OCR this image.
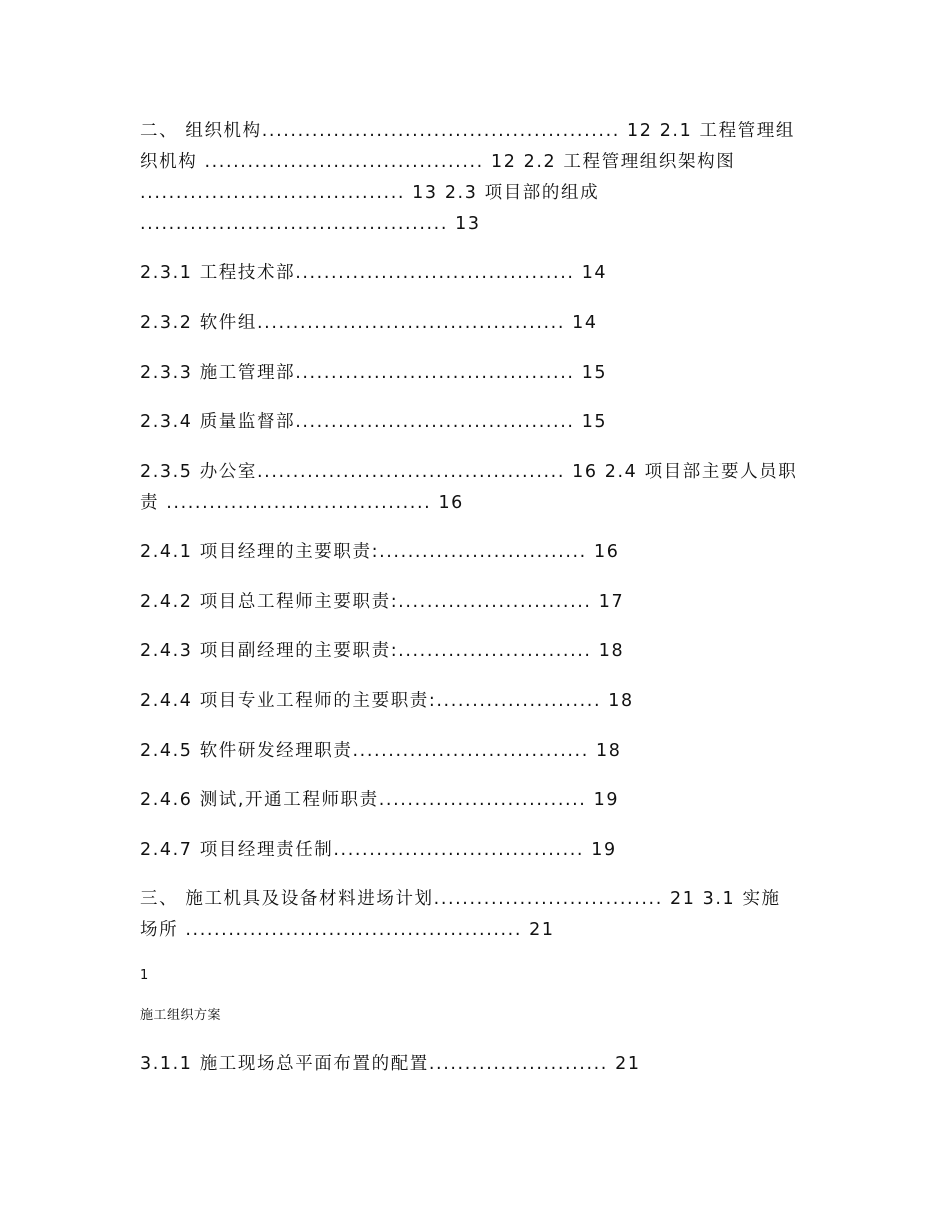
二、 组织机构.................................................. 12 2.1 工程管理组
织机构 ....................................... 12 2.2 工程管理组织架构图
..................................... 13 2.3 项目部的组成
........................................... 13
2.3.1 工程技术部....................................... 14
2.3.2 软件组........................................... 14
2.3.3 施工管理部....................................... 15
2.3.4 质量监督部....................................... 15
2.3.5 办公室........................................... 16 2.4 项目部主要人员职
责 ..................................... 16
2.4.1 项目经理的主要职责:............................. 16
2.4.2 项目总工程师主要职责:........................... 17
2.4.3 项目副经理的主要职责:........................... 18
2.4.4 项目专业工程师的主要职责:....................... 18
2.4.5 软件研发经理职责................................. 18
2.4.6 测试,开通工程师职责............................. 19
2.4.7 项目经理责任制................................... 19
三、 施工机具及设备材料进场计划................................ 21 3.1 实施
场所 ............................................... 21
1
施工组织方案
3.1.1 施工现场总平面布置的配置......................... 21
